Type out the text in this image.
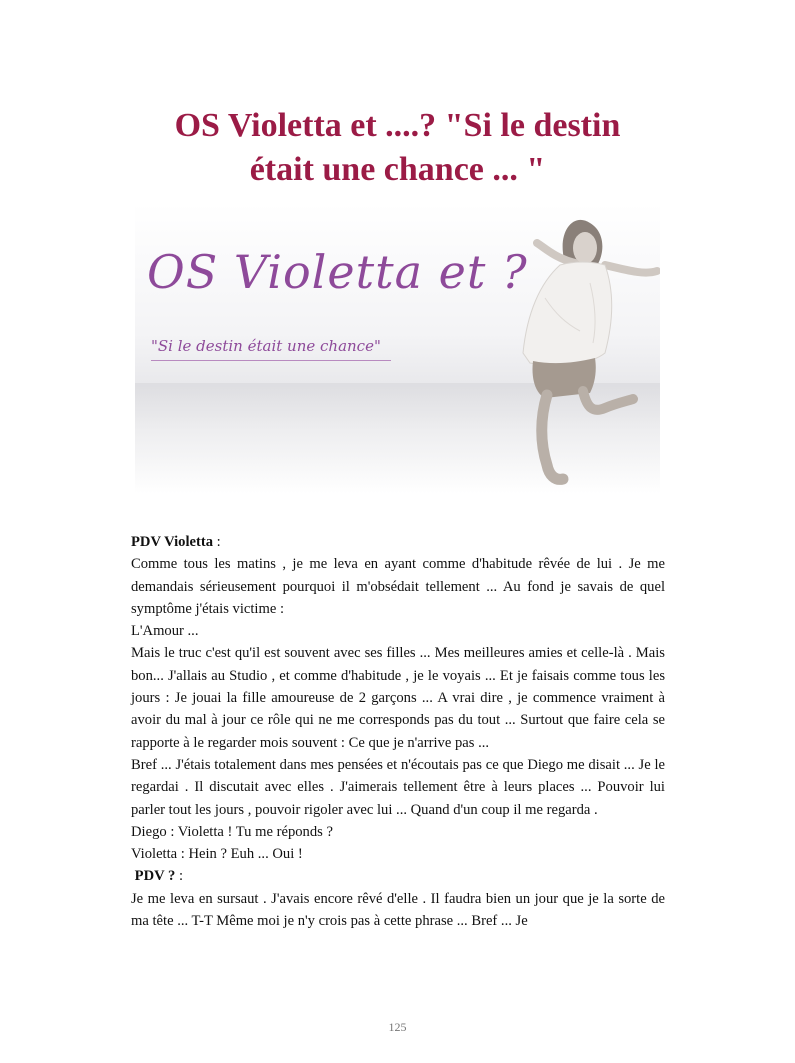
OS Violetta et ....? "Si le destin
était une chance ... "
OS Violetta et ?
"Si le destin était une chance"

PDV Violetta :

Comme tous les matins , je me leva en ayant comme d'habitude rêvée de lui . Je me demandais sérieusement pourquoi il m'obsédait tellement ... Au fond je savais de quel symptôme j'étais victime :

L'Amour ...

Mais le truc c'est qu'il est souvent avec ses filles ... Mes meilleures amies et celle-là . Mais bon... J'allais au Studio , et comme d'habitude , je le voyais ... Et je faisais comme tous les jours : Je jouai la fille amoureuse de 2 garçons ... A vrai dire , je commence vraiment à avoir du mal à jour ce rôle qui ne me corresponds pas du tout ... Surtout que faire cela se rapporte à le regarder mois souvent : Ce que je n'arrive pas ...

Bref ... J'étais totalement dans mes pensées et n'écoutais pas ce que Diego me disait ... Je le regardai . Il discutait avec elles . J'aimerais tellement être à leurs places ... Pouvoir lui parler tout les jours , pouvoir rigoler avec lui ... Quand d'un coup il me regarda .

Diego : Violetta ! Tu me réponds ?

Violetta : Hein ? Euh ... Oui !

PDV ? :

Je me leva en sursaut . J'avais encore rêvé d'elle . Il faudra bien un jour que je la sorte de ma tête ... T-T Même moi je n'y crois pas à cette phrase ... Bref ... Je

125
